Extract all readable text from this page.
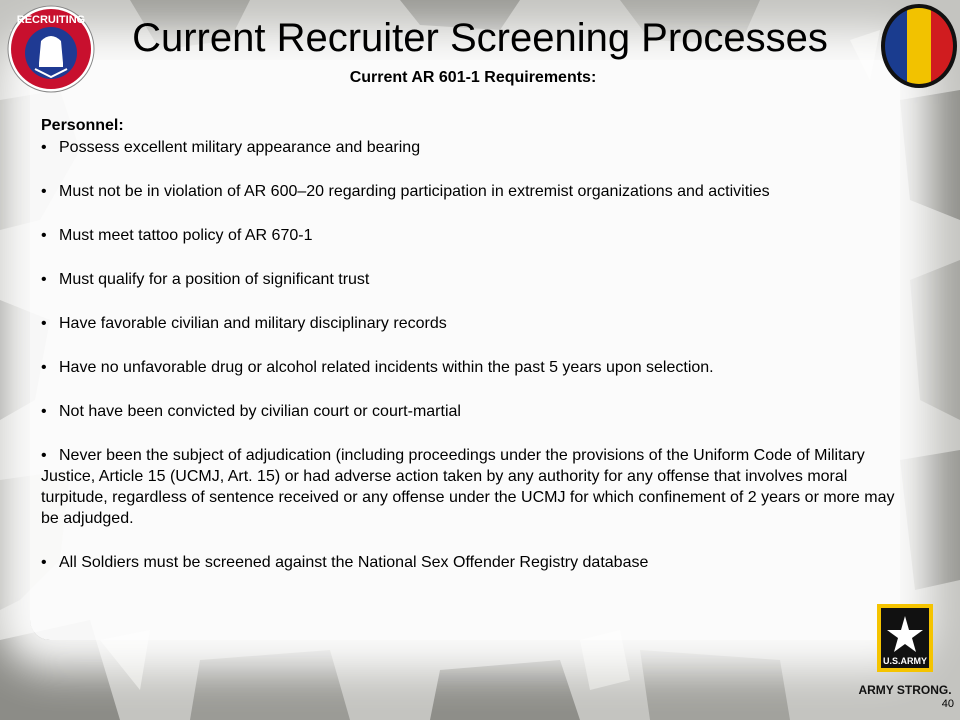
RECRUITING	Current Recruiter Screening Processes
Current AR 601-1 Requirements:
Personnel:
• Possess excellent military appearance and bearing
• Must not be in violation of AR 600–20 regarding participation in extremist organizations and activities
• Must meet tattoo policy of AR 670-1
• Must qualify for a position of significant trust
• Have favorable civilian and military disciplinary records
• Have no unfavorable drug or alcohol related incidents within the past 5 years upon selection.
• Not have been convicted by civilian court or court-martial
• Never been the subject of adjudication (including proceedings under the provisions of the Uniform Code of Military Justice, Article 15 (UCMJ, Art. 15) or had adverse action taken by any authority for any offense that involves moral turpitude, regardless of sentence received or any offense under the UCMJ for which confinement of 2 years or more may be adjudged.
• All Soldiers must be screened against the National Sex Offender Registry database
U.S.ARMY
ARMY STRONG.
40
